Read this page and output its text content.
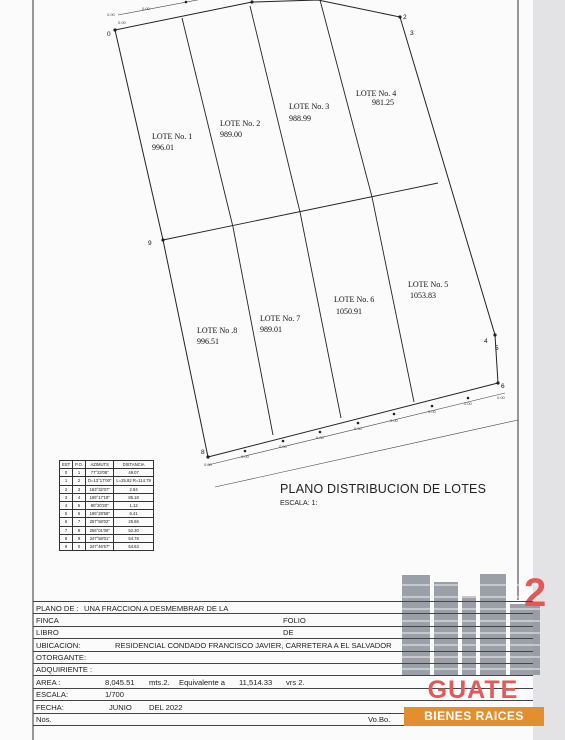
0.00
0.00
0.00
0.00
0.00
0.00
0.00
0.00
0.00
0.00
0.00
0.00
LOTE No. 1
996.01
LOTE No. 2
989.00
LOTE No. 3
988.99
LOTE No. 4
981.25
LOTE No. 5
1053.83
LOTE No. 6
1050.91
LOTE No. 7
989.01
LOTE No .8
996.51
0
2
3
9
4
5
6
8
2
PLANO DISTRIBUCION DE LOTES
ESCALA: 1:
EST	P.O.	AZIMUTS	DISTANCIA
0	1	77°23'08"	49.07
1	2	D=13°17'00"	L=25.82 R=114.79
2	3	163°32'07"	2.84
3	4	165°17'18"	85.18
4	5	80°20'20"	1.12
5	6	165°28'58"	6.41
6	7	257°58'02"	25.66
7	8	256°01'06"	52.30
8	9	347°58'01"	54.78
9	0	347°46'57"	54.63
PLANO DE : UNA FRACCION A DESMEMBRAR DE LA
FINCA	FOLIO
LIBRO	DE
UBICACION:	RESIDENCIAL CONDADO FRANCISCO JAVIER, CARRETERA A EL SALVADOR
OTORGANTE:
ADQUIRIENTE :
AREA :	8,045.51 mts.2. Equivalente a 11,514.33 vrs 2.
ESCALA:	1/700
FECHA:	JUNIO DEL 2022
Nos.	Vo.Bo.
GUATE
BIENES RAICES
